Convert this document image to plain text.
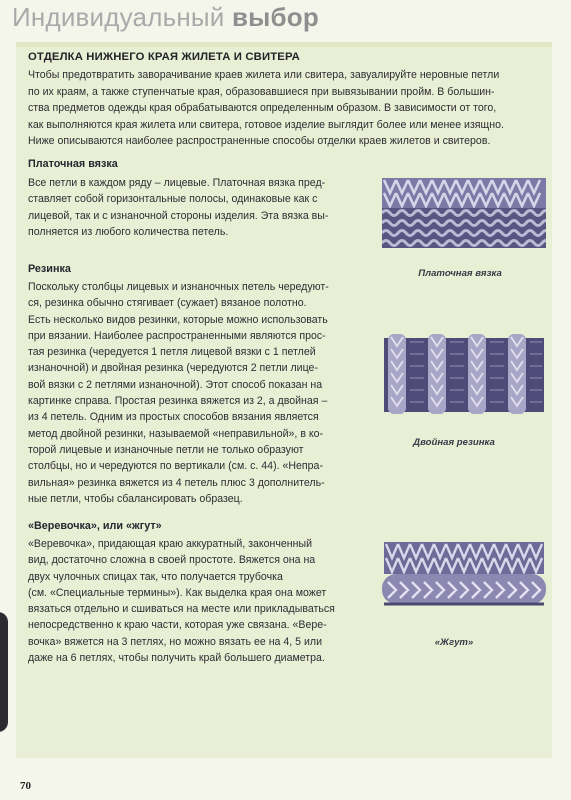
Индивидуальный выбор
ОТДЕЛКА НИЖНЕГО КРАЯ ЖИЛЕТА И СВИТЕРА
Чтобы предотвратить заворачивание краев жилета или свитера, завуалируйте неровные петли
по их краям, а также ступенчатые края, образовавшиеся при вывязывании пройм. В большин-
ства предметов одежды края обрабатываются определенным образом. В зависимости от того,
как выполняются края жилета или свитера, готовое изделие выглядит более или менее изящно.
Ниже описываются наиболее распространенные способы отделки краев жилетов и свитеров.
Платочная вязка
Все петли в каждом ряду – лицевые. Платочная вязка пред-
ставляет собой горизонтальные полосы, одинаковые как с
лицевой, так и с изнаночной стороны изделия. Эта вязка вы-
полняется из любого количества петель.
Платочная вязка
Резинка
Поскольку столбцы лицевых и изнаночных петель чередуют-
ся, резинка обычно стягивает (сужает) вязаное полотно.
Есть несколько видов резинки, которые можно использовать
при вязании. Наиболее распространенными являются прос-
тая резинка (чередуется 1 петля лицевой вязки с 1 петлей
изнаночной) и двойная резинка (чередуются 2 петли лице-
вой вязки с 2 петлями изнаночной). Этот способ показан на
картинке справа. Простая резинка вяжется из 2, а двойная –
из 4 петель. Одним из простых способов вязания является
метод двойной резинки, называемой «неправильной», в ко-
торой лицевые и изнаночные петли не только образуют
столбцы, но и чередуются по вертикали (см. с. 44). «Непра-
вильная» резинка вяжется из 4 петель плюс 3 дополнитель-
ные петли, чтобы сбалансировать образец.
Двойная резинка
«Веревочка», или «жгут»
«Веревочка», придающая краю аккуратный, законченный
вид, достаточно сложна в своей простоте. Вяжется она на
двух чулочных спицах так, что получается трубочка
(см. «Специальные термины»). Как выделка края она может
вязаться отдельно и сшиваться на месте или прикладываться
непосредственно к краю части, которая уже связана. «Вере-
вочка» вяжется на 3 петлях, но можно вязать ее на 4, 5 или
даже на 6 петлях, чтобы получить край большего диаметра.
«Жгут»
70
